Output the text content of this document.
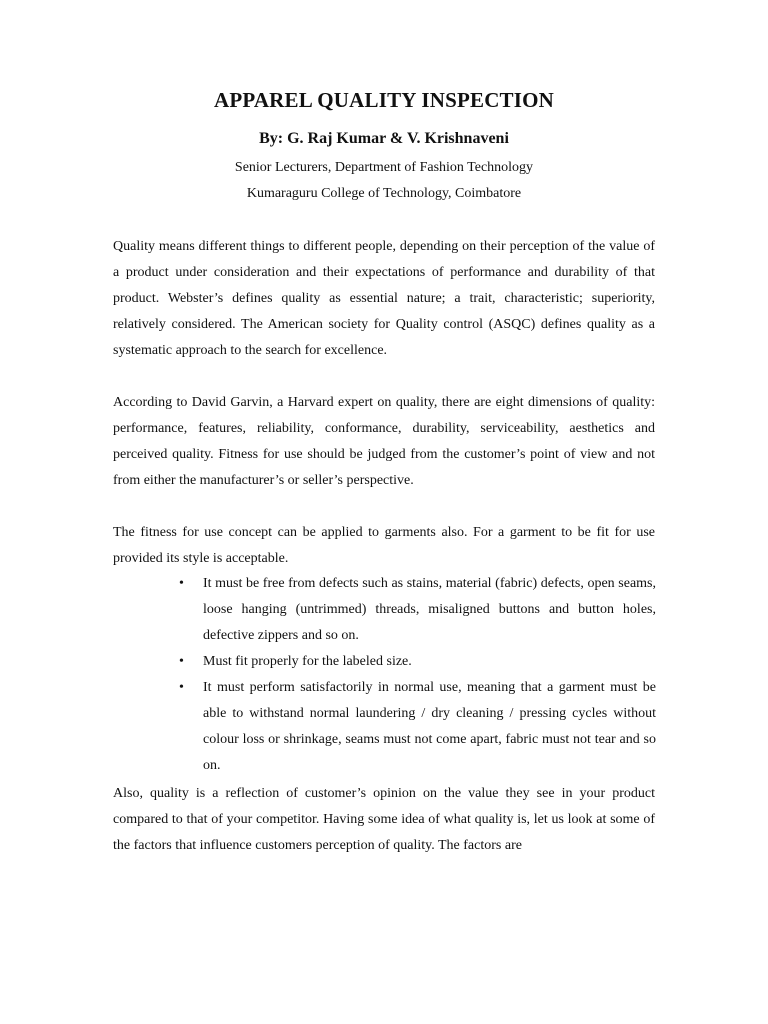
APPAREL QUALITY INSPECTION

By: G. Raj Kumar & V. Krishnaveni

Senior Lecturers, Department of Fashion Technology

Kumaraguru College of Technology, Coimbatore

Quality means different things to different people, depending on their perception of the value of a product under consideration and their expectations of performance and durability of that product. Webster’s defines quality as essential nature; a trait, characteristic; superiority, relatively considered. The American society for Quality control (ASQC) defines quality as a systematic approach to the search for excellence.

According to David Garvin, a Harvard expert on quality, there are eight dimensions of quality: performance, features, reliability, conformance, durability, serviceability, aesthetics and perceived quality. Fitness for use should be judged from the customer’s point of view and not from either the manufacturer’s or seller’s perspective.

The fitness for use concept can be applied to garments also. For a garment to be fit for use provided its style is acceptable.

• It must be free from defects such as stains, material (fabric) defects, open seams, loose hanging (untrimmed) threads, misaligned buttons and button holes, defective zippers and so on.
• Must fit properly for the labeled size.
• It must perform satisfactorily in normal use, meaning that a garment must be able to withstand normal laundering / dry cleaning / pressing cycles without colour loss or shrinkage, seams must not come apart, fabric must not tear and so on.

Also, quality is a reflection of customer’s opinion on the value they see in your product compared to that of your competitor. Having some idea of what quality is, let us look at some of the factors that influence customers perception of quality. The factors are
